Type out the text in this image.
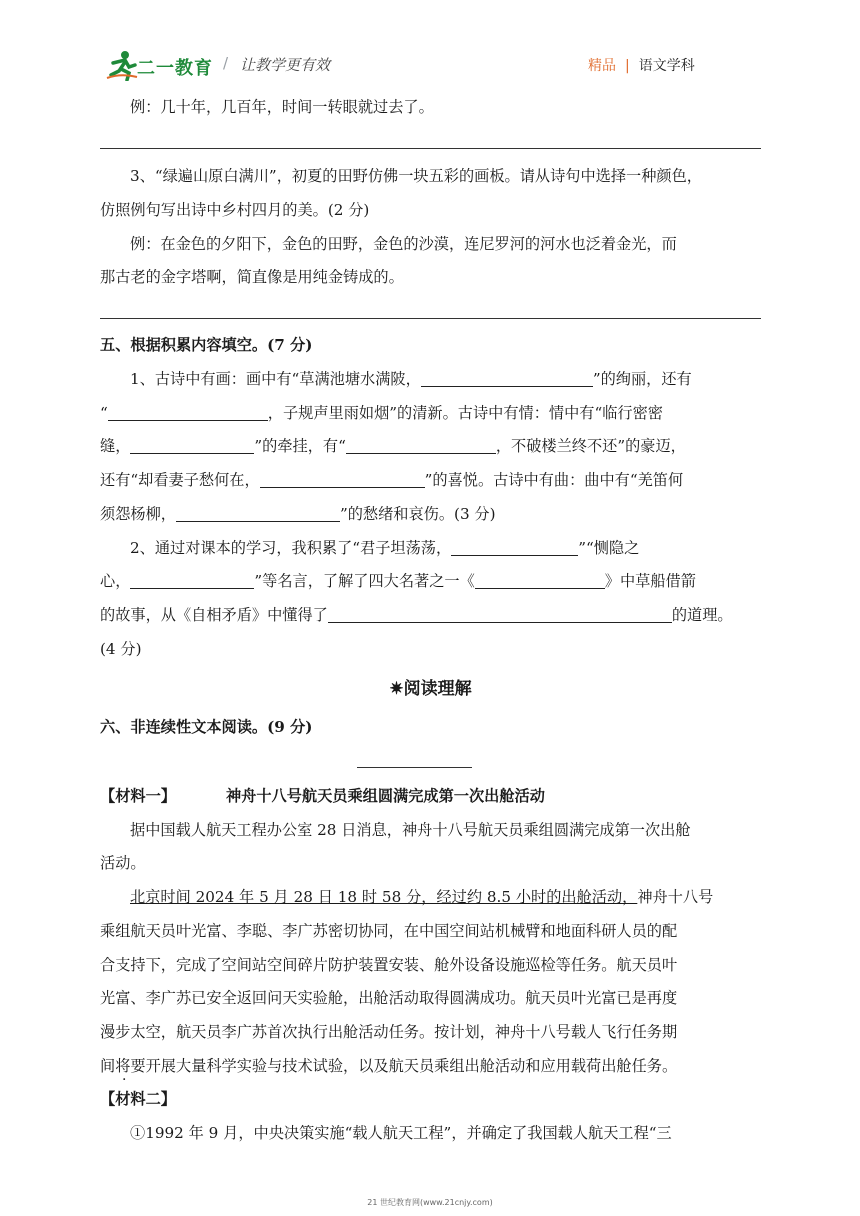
二一教育 / 让教学更有效	精品 | 语文学科
例：几十年，几百年，时间一转眼就过去了。
3、“绿遍山原白满川”，初夏的田野仿佛一块五彩的画板。请从诗句中选择一种颜色，
仿照例句写出诗中乡村四月的美。(2 分)
例：在金色的夕阳下，金色的田野，金色的沙漠，连尼罗河的河水也泛着金光，而
那古老的金字塔啊，简直像是用纯金铸成的。
五、根据积累内容填空。(7 分)
1、古诗中有画：画中有“草满池塘水满陂，	”的绚丽，还有
“	，子规声里雨如烟”的清新。古诗中有情：情中有“临行密密
缝，	”的牵挂，有“	，不破楼兰终不还”的豪迈，
还有“却看妻子愁何在，	”的喜悦。古诗中有曲：曲中有“羌笛何
须怨杨柳，	”的愁绪和哀伤。(3 分)
2、通过对课本的学习，我积累了“君子坦荡荡，	”“恻隐之
心，	”等名言，了解了四大名著之一《	》中草船借箭
的故事，从《自相矛盾》中懂得了	的道理。
(4 分)
✷阅读理解
六、非连续性文本阅读。(9 分)
【材料一】	神舟十八号航天员乘组圆满完成第一次出舱活动
据中国载人航天工程办公室 28 日消息，神舟十八号航天员乘组圆满完成第一次出舱
活动。
北京时间 2024 年 5 月 28 日 18 时 58 分，经过约 8.5 小时的出舱活动，神舟十八号
乘组航天员叶光富、李聪、李广苏密切协同，在中国空间站机械臂和地面科研人员的配
合支持下，完成了空间站空间碎片防护装置安装、舱外设备设施巡检等任务。航天员叶
光富、李广苏已安全返回问天实验舱，出舱活动取得圆满成功。航天员叶光富已是再度
漫步太空，航天员李广苏首次执行出舱活动任务。按计划，神舟十八号载人飞行任务期
间将要开展大量科学实验与技术试验，以及航天员乘组出舱活动和应用载荷出舱任务。
【材料二】
①1992 年 9 月，中央决策实施“载人航天工程”，并确定了我国载人航天工程“三
21 世纪教育网(www.21cnjy.com)
